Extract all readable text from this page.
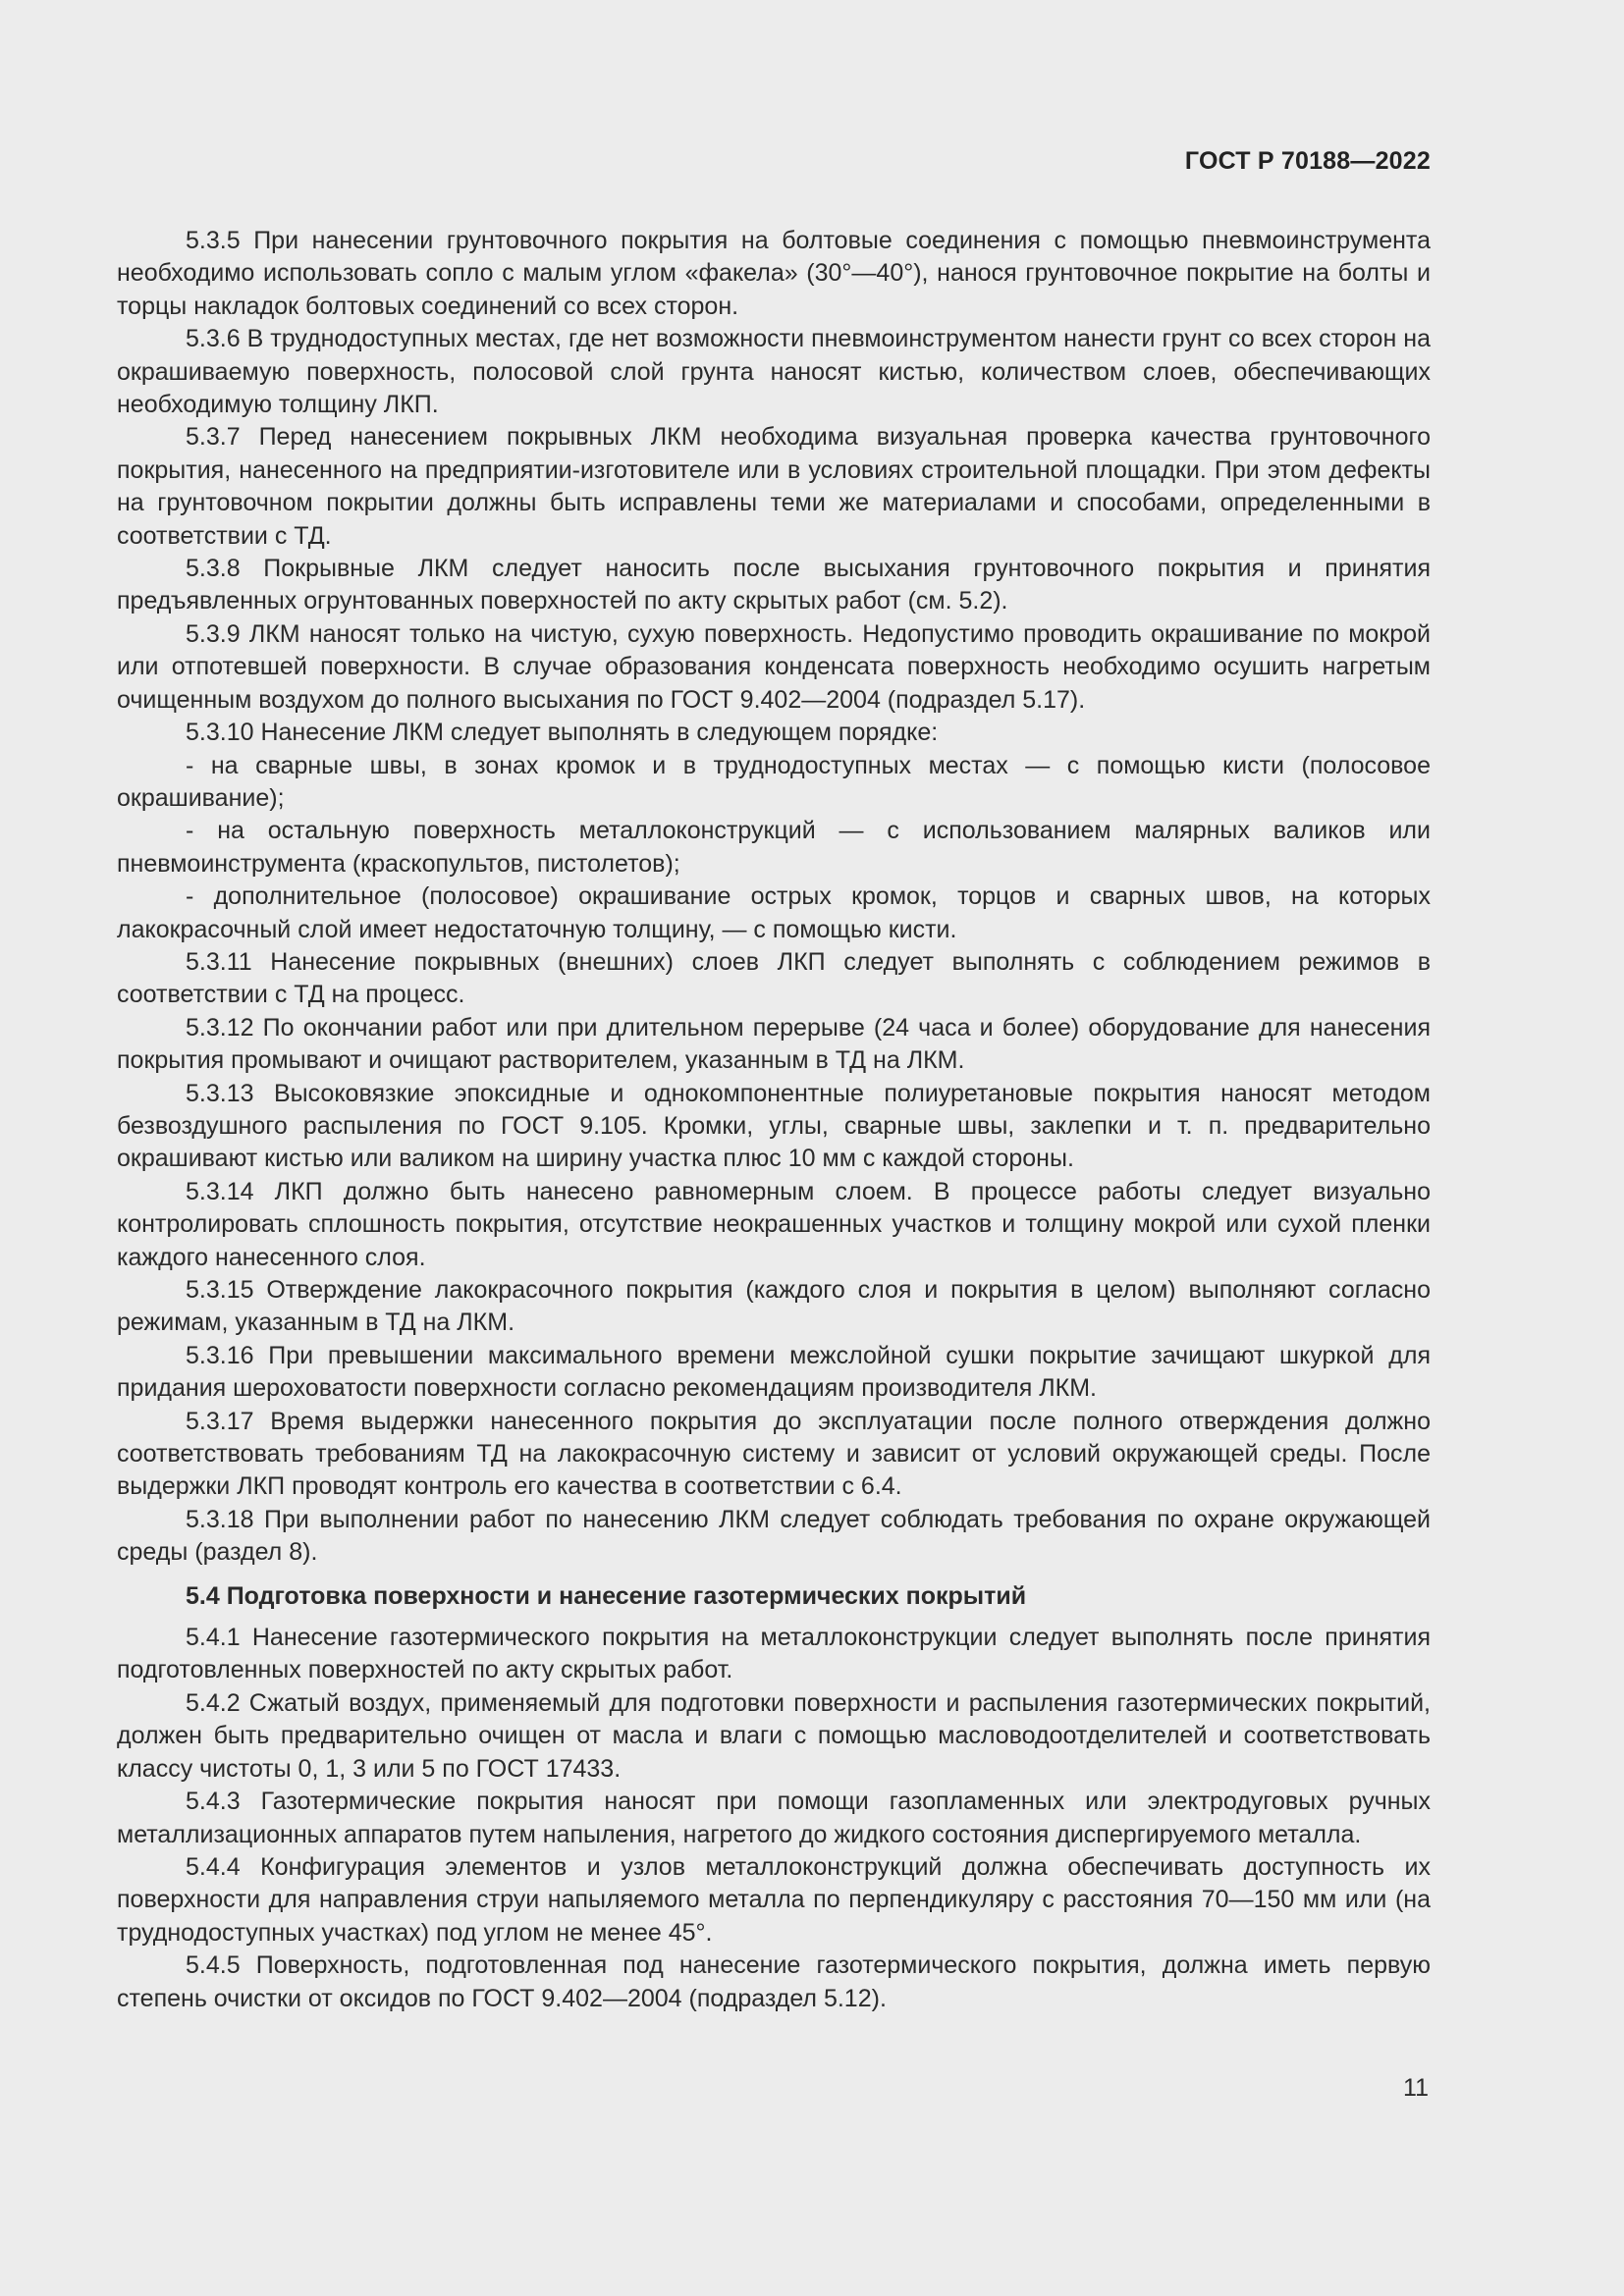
ГОСТ Р 70188—2022

5.3.5 При нанесении грунтовочного покрытия на болтовые соединения с помощью пневмоинструмента необходимо использовать сопло с малым углом «факела» (30°—40°), нанося грунтовочное покрытие на болты и торцы накладок болтовых соединений со всех сторон.

5.3.6 В труднодоступных местах, где нет возможности пневмоинструментом нанести грунт со всех сторон на окрашиваемую поверхность, полосовой слой грунта наносят кистью, количеством слоев, обеспечивающих необходимую толщину ЛКП.

5.3.7 Перед нанесением покрывных ЛКМ необходима визуальная проверка качества грунтовочного покрытия, нанесенного на предприятии-изготовителе или в условиях строительной площадки. При этом дефекты на грунтовочном покрытии должны быть исправлены теми же материалами и способами, определенными в соответствии с ТД.

5.3.8 Покрывные ЛКМ следует наносить после высыхания грунтовочного покрытия и принятия предъявленных огрунтованных поверхностей по акту скрытых работ (см. 5.2).

5.3.9 ЛКМ наносят только на чистую, сухую поверхность. Недопустимо проводить окрашивание по мокрой или отпотевшей поверхности. В случае образования конденсата поверхность необходимо осушить нагретым очищенным воздухом до полного высыхания по ГОСТ 9.402—2004 (подраздел 5.17).

5.3.10 Нанесение ЛКМ следует выполнять в следующем порядке:

- на сварные швы, в зонах кромок и в труднодоступных местах — с помощью кисти (полосовое окрашивание);

- на остальную поверхность металлоконструкций — с использованием малярных валиков или пневмоинструмента (краскопультов, пистолетов);

- дополнительное (полосовое) окрашивание острых кромок, торцов и сварных швов, на которых лакокрасочный слой имеет недостаточную толщину, — с помощью кисти.

5.3.11 Нанесение покрывных (внешних) слоев ЛКП следует выполнять с соблюдением режимов в соответствии с ТД на процесс.

5.3.12 По окончании работ или при длительном перерыве (24 часа и более) оборудование для нанесения покрытия промывают и очищают растворителем, указанным в ТД на ЛКМ.

5.3.13 Высоковязкие эпоксидные и однокомпонентные полиуретановые покрытия наносят методом безвоздушного распыления по ГОСТ 9.105. Кромки, углы, сварные швы, заклепки и т. п. предварительно окрашивают кистью или валиком на ширину участка плюс 10 мм с каждой стороны.

5.3.14 ЛКП должно быть нанесено равномерным слоем. В процессе работы следует визуально контролировать сплошность покрытия, отсутствие неокрашенных участков и толщину мокрой или сухой пленки каждого нанесенного слоя.

5.3.15 Отверждение лакокрасочного покрытия (каждого слоя и покрытия в целом) выполняют согласно режимам, указанным в ТД на ЛКМ.

5.3.16 При превышении максимального времени межслойной сушки покрытие зачищают шкуркой для придания шероховатости поверхности согласно рекомендациям производителя ЛКМ.

5.3.17 Время выдержки нанесенного покрытия до эксплуатации после полного отверждения должно соответствовать требованиям ТД на лакокрасочную систему и зависит от условий окружающей среды. После выдержки ЛКП проводят контроль его качества в соответствии с 6.4.

5.3.18 При выполнении работ по нанесению ЛКМ следует соблюдать требования по охране окружающей среды (раздел 8).

5.4 Подготовка поверхности и нанесение газотермических покрытий

5.4.1 Нанесение газотермического покрытия на металлоконструкции следует выполнять после принятия подготовленных поверхностей по акту скрытых работ.

5.4.2 Сжатый воздух, применяемый для подготовки поверхности и распыления газотермических покрытий, должен быть предварительно очищен от масла и влаги с помощью масловодоотделителей и соответствовать классу чистоты 0, 1, 3 или 5 по ГОСТ 17433.

5.4.3 Газотермические покрытия наносят при помощи газопламенных или электродуговых ручных металлизационных аппаратов путем напыления, нагретого до жидкого состояния диспергируемого металла.

5.4.4 Конфигурация элементов и узлов металлоконструкций должна обеспечивать доступность их поверхности для направления струи напыляемого металла по перпендикуляру с расстояния 70—150 мм или (на труднодоступных участках) под углом не менее 45°.

5.4.5 Поверхность, подготовленная под нанесение газотермического покрытия, должна иметь первую степень очистки от оксидов по ГОСТ 9.402—2004 (подраздел 5.12).

11
